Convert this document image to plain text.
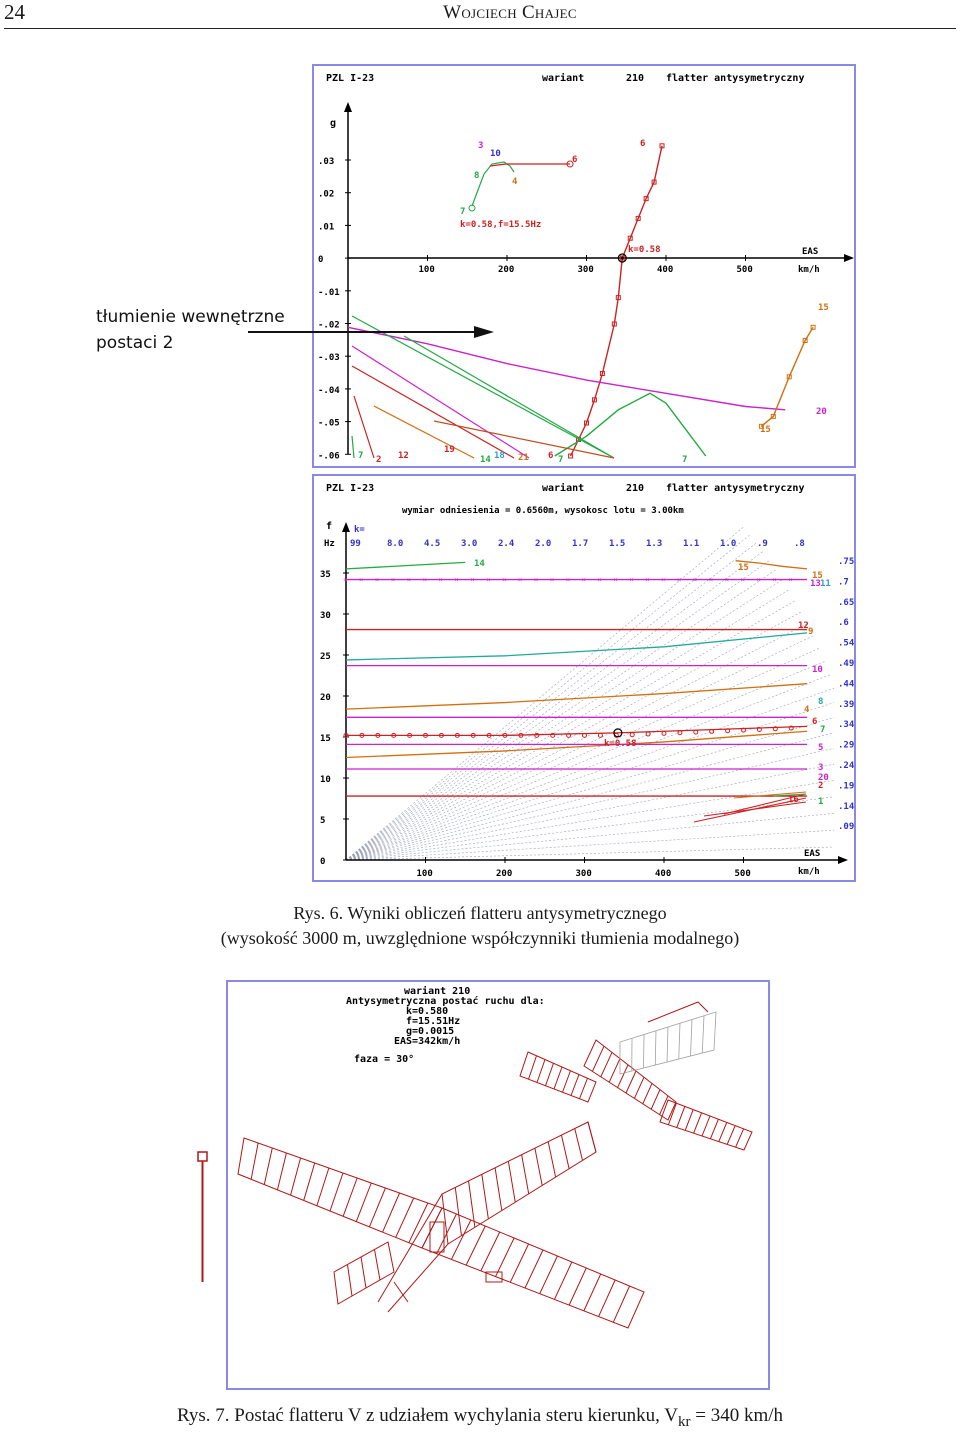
24	Wojciech Chajec
PZL I-23	wariant	210 flatter antysymetryczny
g
EAS
km/h
.03
.02
.01
0
-.01
-.02
-.03
-.04
-.05
-.06
100	200	300	400	500
k=0.58,f=15.5Hz
k=0.58
3
10
6
8
7
4
6
15
15
20
7 2 12
19
14 18 21 6 7	7
tłumienie wewnętrzne
postaci 2
PZL I-23	wariant	210 flatter antysymetryczny
wymiar odniesienia = 0.6560m, wysokosc lotu = 3.00km
f
Hz
k=
EAS
km/h
35
30
25
20
15
10
5
0
100	200	300	400	500
99	8.0 4.5 3.0 2.4 2.0 1.7 1.5 1.3 1.1 1.0 .9	.8
.75
.7
.65
.6
.54
.49
.44
.39
.34
.29
.24
.19
.14
.09
× × × × × × × × × × × × × × × × × × × × × × × × × × × × ×
k=0.58
14	15
15
13 11
12
9
10
8
4
6
7
5
3
20
2
16 1
Rys. 6. Wyniki obliczeń flatteru antysymetrycznego
(wysokość 3000 m, uwzględnione współczynniki tłumienia modalnego)
wariant 210
Antysymetryczna postać ruchu dla:
k=0.580
f=15.51Hz
g=0.0015
EAS=342km/h
faza = 30°
Rys. 7. Postać flatteru V z udziałem wychylania steru kierunku, $V_{kr} = 340$ km/h
